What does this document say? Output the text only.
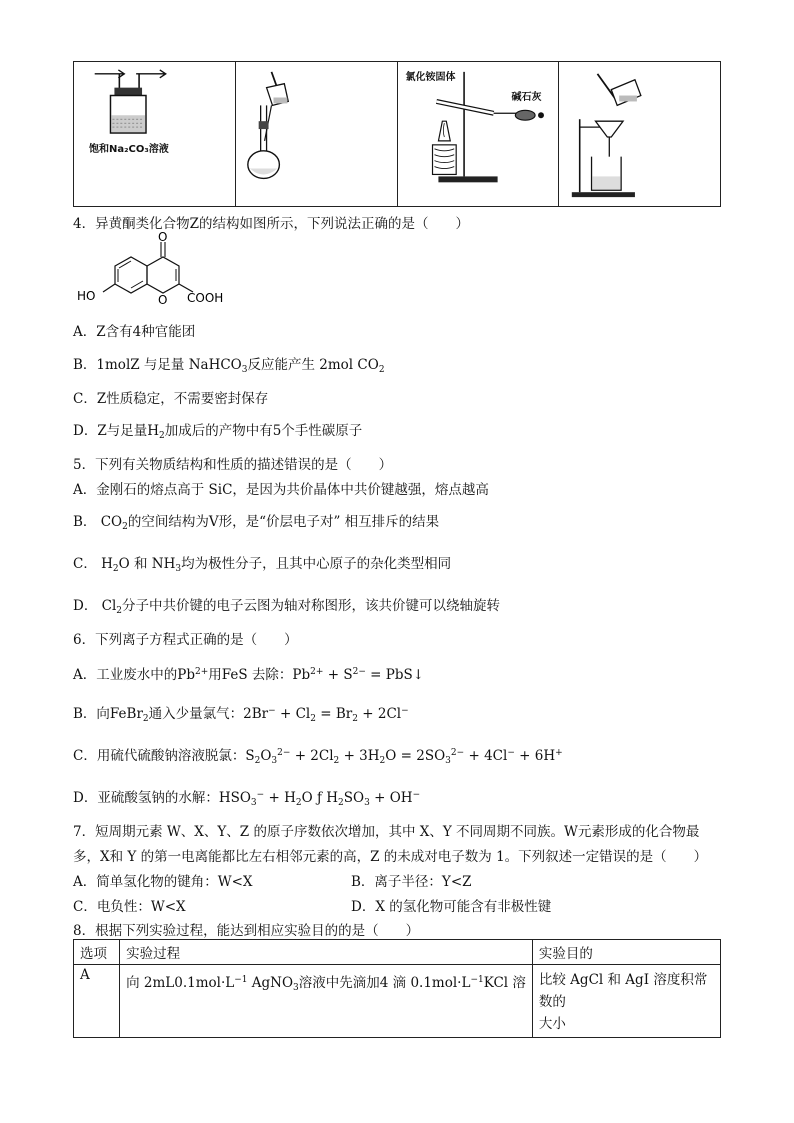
饱和Na₂CO₃溶液
氯化铵固体
碱石灰
4．异黄酮类化合物Z的结构如图所示，下列说法正确的是（　　）
O
O
HO	COOH
A．Z含有4种官能团
B．1molZ 与足量 NaHCO$_3$反应能产生 2mol $CO_2$
C．Z性质稳定，不需要密封保存
D．Z与足量$H_2$加成后的产物中有5个手性碳原子
5．下列有关物质结构和性质的描述错误的是（　　）
A．金刚石的熔点高于 SiC，是因为共价晶体中共价键越强，熔点越高
B． $CO_2$的空间结构为V形，是“价层电子对” 相互排斥的结果
C． $H_2O$ 和 $NH_3$均为极性分子，且其中心原子的杂化类型相同
D． $Cl_2$分子中共价键的电子云图为轴对称图形，该共价键可以绕轴旋转
6．下列离子方程式正确的是（　　）
A．工业废水中的$Pb^{2+}$用FeS 去除：$Pb^{2+} + S^{2-}$ = PbS↓
B．向FeBr$_2$通入少量氯气：$2Br^- + Cl_2 = Br_2 + 2Cl^-$
C．用硫代硫酸钠溶液脱氯：$S_2O_3^{2-} + 2Cl_2 + 3H_2O = 2SO_3^{2-} + 4Cl^- + 6H^+$
D．亚硫酸氢钠的水解：$HSO_3^- + H_2O$ ƒ $H_2SO_3 + OH^-$
7．短周期元素 W、X、Y、Z 的原子序数依次增加，其中 X、Y 不同周期不同族。W元素形成的化合物最
多，X和 Y 的第一电离能都比左右相邻元素的高，Z 的未成对电子数为 1。下列叙述一定错误的是（　　）
A．简单氢化物的键角：W<X	B．离子半径：Y<Z
C．电负性：W<X	D．X 的氢化物可能含有非极性键
8．根据下列实验过程，能达到相应实验目的的是（　　）
选项	实验过程	实验目的
A	向 $2mL0.1mol\cdot L^{-1}$ AgNO$_3$溶液中先滴加4 滴 $0.1mol\cdot L^{-1}KCl$ 溶	比较 AgCl 和 AgI 溶度积常数的
大小
